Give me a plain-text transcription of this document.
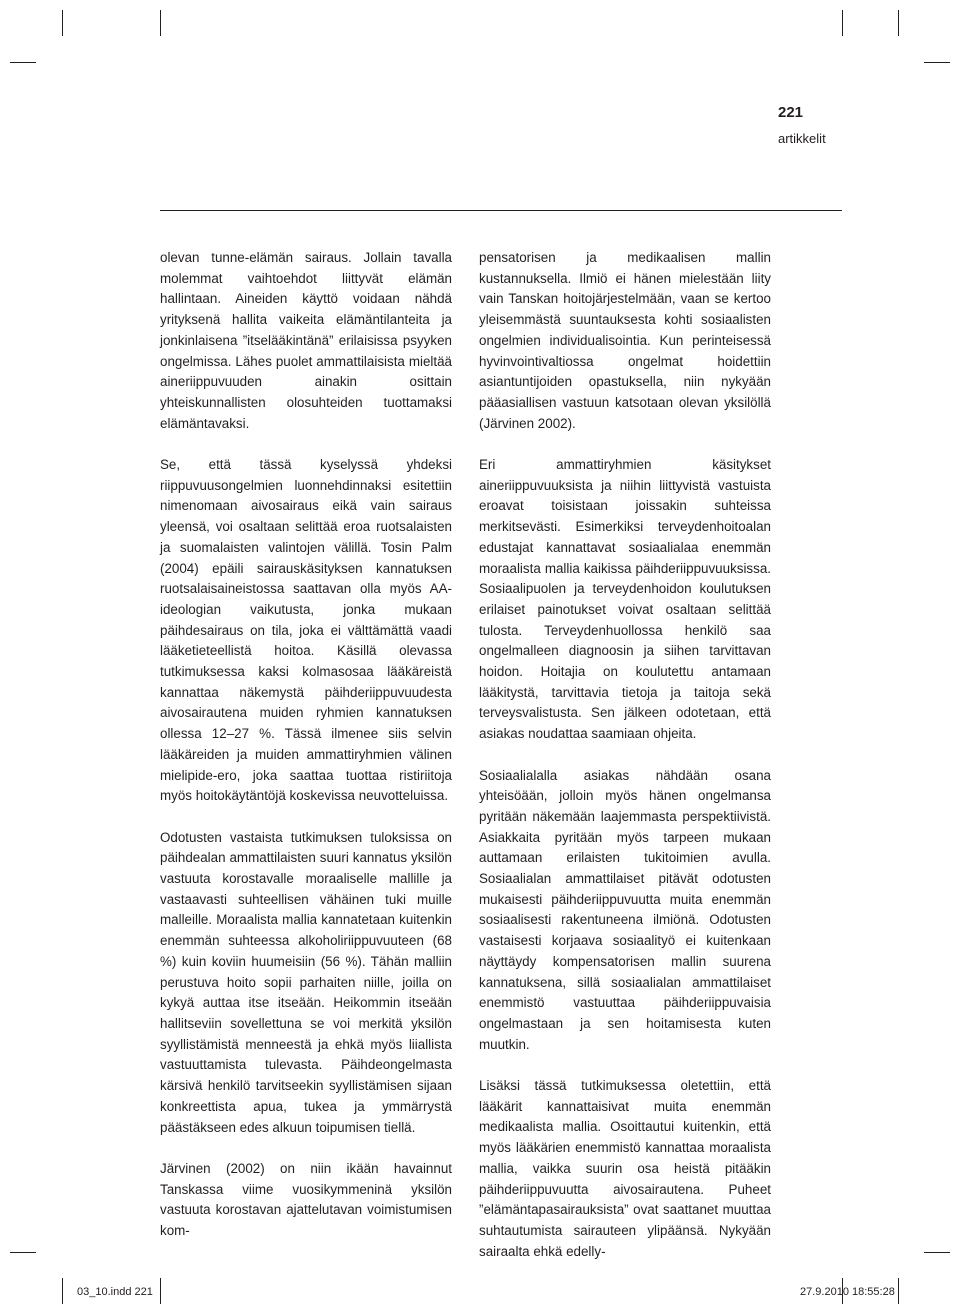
221
artikkelit

olevan tunne-elämän sairaus. Jollain tavalla molemmat vaihtoehdot liittyvät elämän hallintaan. Aineiden käyttö voidaan nähdä yrityksenä hallita vaikeita elämäntilanteita ja jonkinlaisena ”itselääkintänä” erilaisissa psyyken ongelmissa. Lähes puolet ammattilaisista mieltää aineriippuvuuden ainakin osittain yhteiskunnallisten olosuhteiden tuottamaksi elämäntavaksi.

Se, että tässä kyselyssä yhdeksi riippuvuusongelmien luonnehdinnaksi esitettiin nimenomaan aivosairaus eikä vain sairaus yleensä, voi osaltaan selittää eroa ruotsalaisten ja suomalaisten valintojen välillä. Tosin Palm (2004) epäili sairauskäsityksen kannatuksen ruotsalaisaineistossa saattavan olla myös AA-ideologian vaikutusta, jonka mukaan päihdesairaus on tila, joka ei välttämättä vaadi lääketieteellistä hoitoa. Käsillä olevassa tutkimuksessa kaksi kolmasosaa lääkäreistä kannattaa näkemystä päihderiippuvuudesta aivosairautena muiden ryhmien kannatuksen ollessa 12–27 %. Tässä ilmenee siis selvin lääkäreiden ja muiden ammattiryhmien välinen mielipide-ero, joka saattaa tuottaa ristiriitoja myös hoitokäytäntöjä koskevissa neuvotteluissa.

Odotusten vastaista tutkimuksen tuloksissa on päihdealan ammattilaisten suuri kannatus yksilön vastuuta korostavalle moraaliselle mallille ja vastaavasti suhteellisen vähäinen tuki muille malleille. Moraalista mallia kannatetaan kuitenkin enemmän suhteessa alkoholiriippuvuuteen (68 %) kuin koviin huumeisiin (56 %). Tähän malliin perustuva hoito sopii parhaiten niille, joilla on kykyä auttaa itse itseään. Heikommin itseään hallitseviin sovellettuna se voi merkitä yksilön syyllistämistä menneestä ja ehkä myös liiallista vastuuttamista tulevasta. Päihdeongelmasta kärsivä henkilö tarvitseekin syyllistämisen sijaan konkreettista apua, tukea ja ymmärrystä päästäkseen edes alkuun toipumisen tiellä.

Järvinen (2002) on niin ikään havainnut Tanskassa viime vuosikymmeninä yksilön vastuuta korostavan ajattelutavan voimistumisen kom-

pensatorisen ja medikaalisen mallin kustannuksella. Ilmiö ei hänen mielestään liity vain Tanskan hoitojärjestelmään, vaan se kertoo yleisemmästä suuntauksesta kohti sosiaalisten ongelmien individualisointia. Kun perinteisessä hyvinvointivaltiossa ongelmat hoidettiin asiantuntijoiden opastuksella, niin nykyään pääasiallisen vastuun katsotaan olevan yksilöllä (Järvinen 2002).

Eri ammattiryhmien käsitykset aineriippuvuuksista ja niihin liittyvistä vastuista eroavat toisistaan joissakin suhteissa merkitsevästi. Esimerkiksi terveydenhoitoalan edustajat kannattavat sosiaalialaa enemmän moraalista mallia kaikissa päihderiippuvuuksissa. Sosiaalipuolen ja terveydenhoidon koulutuksen erilaiset painotukset voivat osaltaan selittää tulosta. Terveydenhuollossa henkilö saa ongelmalleen diagnoosin ja siihen tarvittavan hoidon. Hoitajia on koulutettu antamaan lääkitystä, tarvittavia tietoja ja taitoja sekä terveysvalistusta. Sen jälkeen odotetaan, että asiakas noudattaa saamiaan ohjeita.

Sosiaalialalla asiakas nähdään osana yhteisöään, jolloin myös hänen ongelmansa pyritään näkemään laajemmasta perspektiivistä. Asiakkaita pyritään myös tarpeen mukaan auttamaan erilaisten tukitoimien avulla. Sosiaalialan ammattilaiset pitävät odotusten mukaisesti päihderiippuvuutta muita enemmän sosiaalisesti rakentuneena ilmiönä. Odotusten vastaisesti korjaava sosiaalityö ei kuitenkaan näyttäydy kompensatorisen mallin suurena kannatuksena, sillä sosiaalialan ammattilaiset enemmistö vastuuttaa päihderiippuvaisia ongelmastaan ja sen hoitamisesta kuten muutkin.

Lisäksi tässä tutkimuksessa oletettiin, että lääkärit kannattaisivat muita enemmän medikaalista mallia. Osoittautui kuitenkin, että myös lääkärien enemmistö kannattaa moraalista mallia, vaikka suurin osa heistä pitääkin päihderiippuvuutta aivosairautena. Puheet ”elämäntapasairauksista” ovat saattanet muuttaa suhtautumista sairauteen ylipäänsä. Nykyään sairaalta ehkä edelly-

03_10.indd 221	27.9.2010 18:55:28
